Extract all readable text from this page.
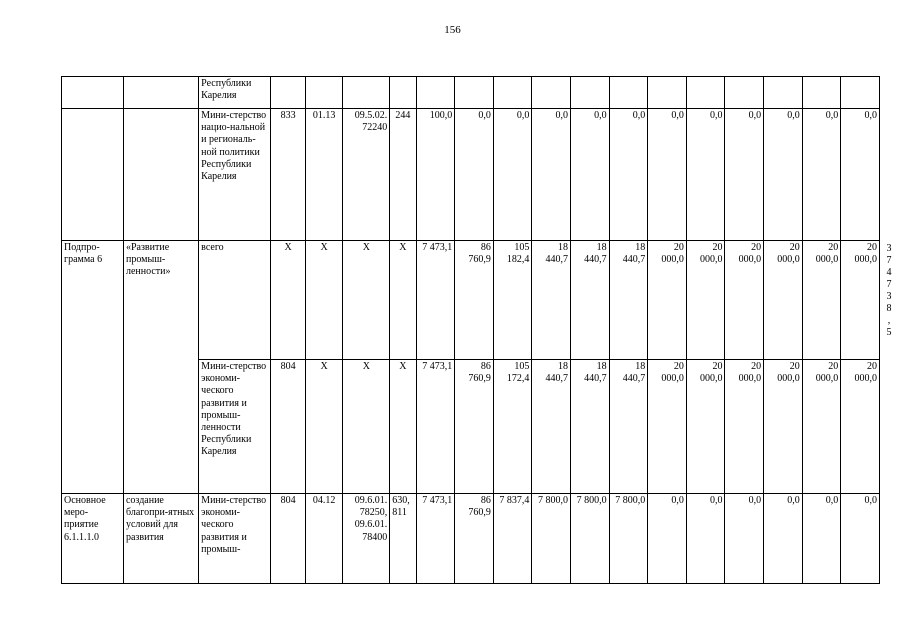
156
		Республики Карелия																
		Мини-стерство нацио-нальной и региональ-ной политики Республики Карелия	833	01.13	09.5.02. 72240	244	100,0	0,0	0,0	0,0	0,0	0,0	0,0	0,0	0,0	0,0	0,0	0,0
Подпро-грамма 6	«Развитие промыш-ленности»	всего	Х	Х	Х	Х	7 473,1	86 760,9	105 182,4	18 440,7	18 440,7	18 440,7	20 000,0	20 000,0	20 000,0	20 000,0	20 000,0	20 000,0
		Мини-стерство экономи-ческого развития и промыш-ленности Республики Карелия	804	Х	Х	Х	7 473,1	86 760,9	105 172,4	18 440,7	18 440,7	18 440,7	20 000,0	20 000,0	20 000,0	20 000,0	20 000,0	20 000,0
Основное меро-приятие 6.1.1.1.0	создание благопри-ятных условий для развития	Мини-стерство экономи-ческого развития и промыш-	804	04.12	09.6.01. 78250, 09.6.01. 78400	630, 811	7 473,1	86 760,9	7 837,4	7 800,0	7 800,0	7 800,0	0,0	0,0	0,0	0,0	0,0	0,0
3
7
4
7
3
8
,
5
